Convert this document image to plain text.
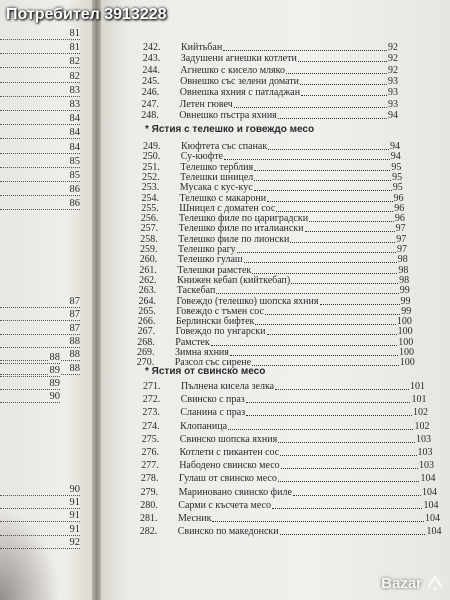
81
81
82
82
83
83
84
84
84
85
85
86
86
87
87
87
88
88
88
88
89
89
90
90
91
91
91
92
* Ястия с телешко и говеждо месо
* Ястия от свинско месо
242.	Кийтьбан	92
243.	Задушени агнешки котлети	92
244.	Агнешко с кисело мляко	92
245.	Овнешко със зелени домати	93
246.	Овнешка яхния с патладжан	93
247.	Летен гювеч	93
248.	Овнешко пъстра яхния	94
249.	Кюфтета със спанак	94
250.	Су-кюфте	94
251.	Телешко терблия	95
252.	Телешки шницел	95
253.	Мусака с кус-кус	95
254.	Телешко с макарони	96
255.	Шницел с доматен сос	96
256.	Телешко филе по цариградски	96
257.	Телешко филе по италиански	97
258.	Телешко филе по лионски	97
259.	Телешко рагу	97
260.	Телешко гулаш	98
261.	Телешки рамстек	98
262.	Книжен кебап (кийткебап)	98
263.	Таскебап	99
264.	Говеждо (телешко) шопска яхния	99
265.	Говеждо с тъмен сос	99
266.	Берлински бифтек	100
267.	Говеждо по унгарски	100
268.	Рамстек	100
269.	Зимна яхния	100
270.	Разсол със сирене	100
271.	Пълнена кисела зелка	101
272.	Свинско с праз	101
273.	Сланина с праз	102
274.	Клопаница	102
275.	Свинско шопска яхния	103
276.	Котлети с пикантен сос	103
277.	Набодено свинско месо	103
278.	Гулаш от свинско месо	104
279.	Мариновано свинско филе	104
280.	Сарми с късчета месо	104
281.	Месник	104
282.	Свинско по македонски	104
Потребител 3913228
Bazar
